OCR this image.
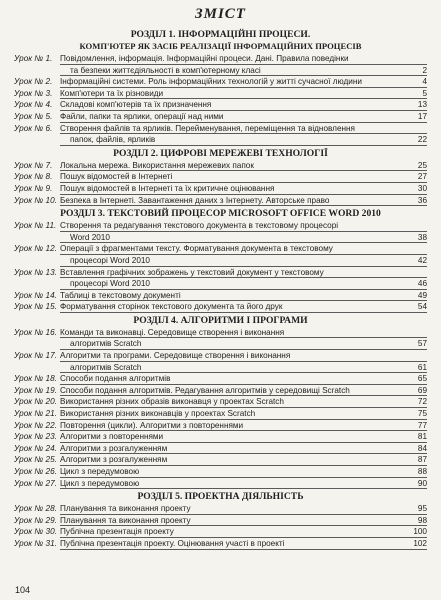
ЗМІСТ
РОЗДІЛ 1. ІНФОРМАЦІЙНІ ПРОЦЕСИ.
КОМП'ЮТЕР ЯК ЗАСІБ РЕАЛІЗАЦІЇ ІНФОРМАЦІЙНИХ ПРОЦЕСІВ
Урок № 1. Повідомлення, інформація. Інформаційні процеси. Дані. Правила поведінки
та безпеки життєдіяльності в комп'ютерному класі	2
Урок № 2. Інформаційні системи. Роль інформаційних технологій у житті сучасної людини	4
Урок № 3. Комп'ютери та їх різновиди	5
Урок № 4. Складові комп'ютерів та їх призначення	13
Урок № 5. Файли, папки та ярлики, операції над ними	17
Урок № 6. Створення файлів та ярликів. Перейменування, переміщення та відновлення
папок, файлів, ярликів	22
РОЗДІЛ 2. ЦИФРОВІ МЕРЕЖЕВІ ТЕХНОЛОГІЇ
Урок № 7. Локальна мережа. Використання мережевих папок	25
Урок № 8. Пошук відомостей в Інтернеті	27
Урок № 9. Пошук відомостей в Інтернеті та їх критичне оцінювання	30
Урок № 10. Безпека в Інтернеті. Завантаження даних з Інтернету. Авторське право	36
РОЗДІЛ 3. ТЕКСТОВИЙ ПРОЦЕСОР MICROSOFT OFFICE WORD 2010
Урок № 11. Створення та редагування текстового документа в текстовому процесорі
Word 2010	38
Урок № 12. Операції з фрагментами тексту. Форматування документа в текстовому
процесорі Word 2010	42
Урок № 13. Вставлення графічних зображень у текстовий документ у текстовому
процесорі Word 2010	46
Урок № 14. Таблиці в текстовому документі	49
Урок № 15. Форматування сторінок текстового документа та його друк	54
РОЗДІЛ 4. АЛГОРИТМИ І ПРОГРАМИ
Урок № 16. Команди та виконавці. Середовище створення і виконання
алгоритмів Scratch	57
Урок № 17. Алгоритми та програми. Середовище створення і виконання
алгоритмів Scratch	61
Урок № 18. Способи подання алгоритмів	65
Урок № 19. Способи подання алгоритмів. Редагування алгоритмів у середовищі Scratch	69
Урок № 20. Використання різних образів виконавця у проектах Scratch	72
Урок № 21. Використання різних виконавців у проектах Scratch	75
Урок № 22. Повторення (цикли). Алгоритми з повтореннями	77
Урок № 23. Алгоритми з повтореннями	81
Урок № 24. Алгоритми з розгалуженням	84
Урок № 25. Алгоритми з розгалуженням	87
Урок № 26. Цикл з передумовою	88
Урок № 27. Цикл з передумовою	90
РОЗДІЛ 5. ПРОЕКТНА ДІЯЛЬНІСТЬ
Урок № 28. Планування та виконання проекту	95
Урок № 29. Планування та виконання проекту	98
Урок № 30. Публічна презентація проекту	100
Урок № 31. Публічна презентація проекту. Оцінювання участі в проекті	102
104
